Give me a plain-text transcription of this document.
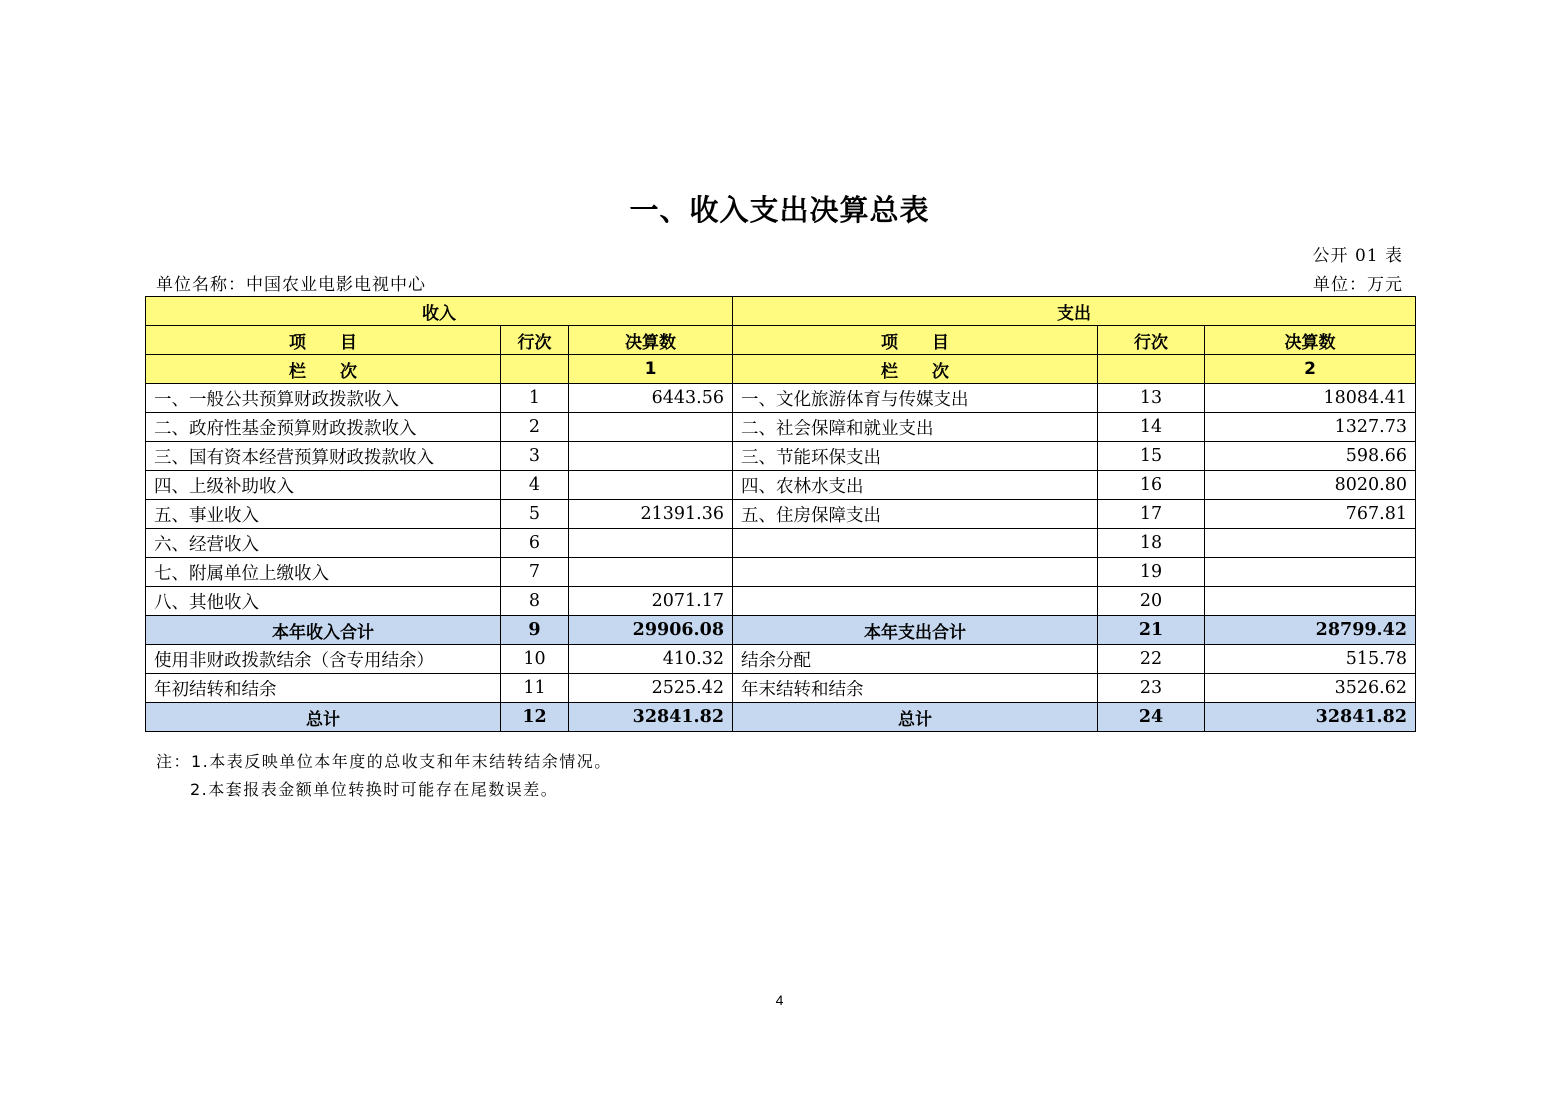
一、收入支出决算总表
公开 01 表
单位名称：中国农业电影电视中心	单位：万元
收入			支出		
项　　目	行次	决算数	项　　目	行次	决算数
栏　　次		1	栏　　次		2
一、一般公共预算财政拨款收入	1	6443.56	一、文化旅游体育与传媒支出	13	18084.41
二、政府性基金预算财政拨款收入	2		二、社会保障和就业支出	14	1327.73
三、国有资本经营预算财政拨款收入	3		三、节能环保支出	15	598.66
四、上级补助收入	4		四、农林水支出	16	8020.80
五、事业收入	5	21391.36	五、住房保障支出	17	767.81
六、经营收入	6			18	
七、附属单位上缴收入	7			19	
八、其他收入	8	2071.17		20	
本年收入合计	9	29906.08	本年支出合计	21	28799.42
使用非财政拨款结余（含专用结余）	10	410.32	结余分配	22	515.78
年初结转和结余	11	2525.42	年末结转和结余	23	3526.62
总计	12	32841.82	总计	24	32841.82
注：1.本表反映单位本年度的总收支和年末结转结余情况。
2.本套报表金额单位转换时可能存在尾数误差。
4
